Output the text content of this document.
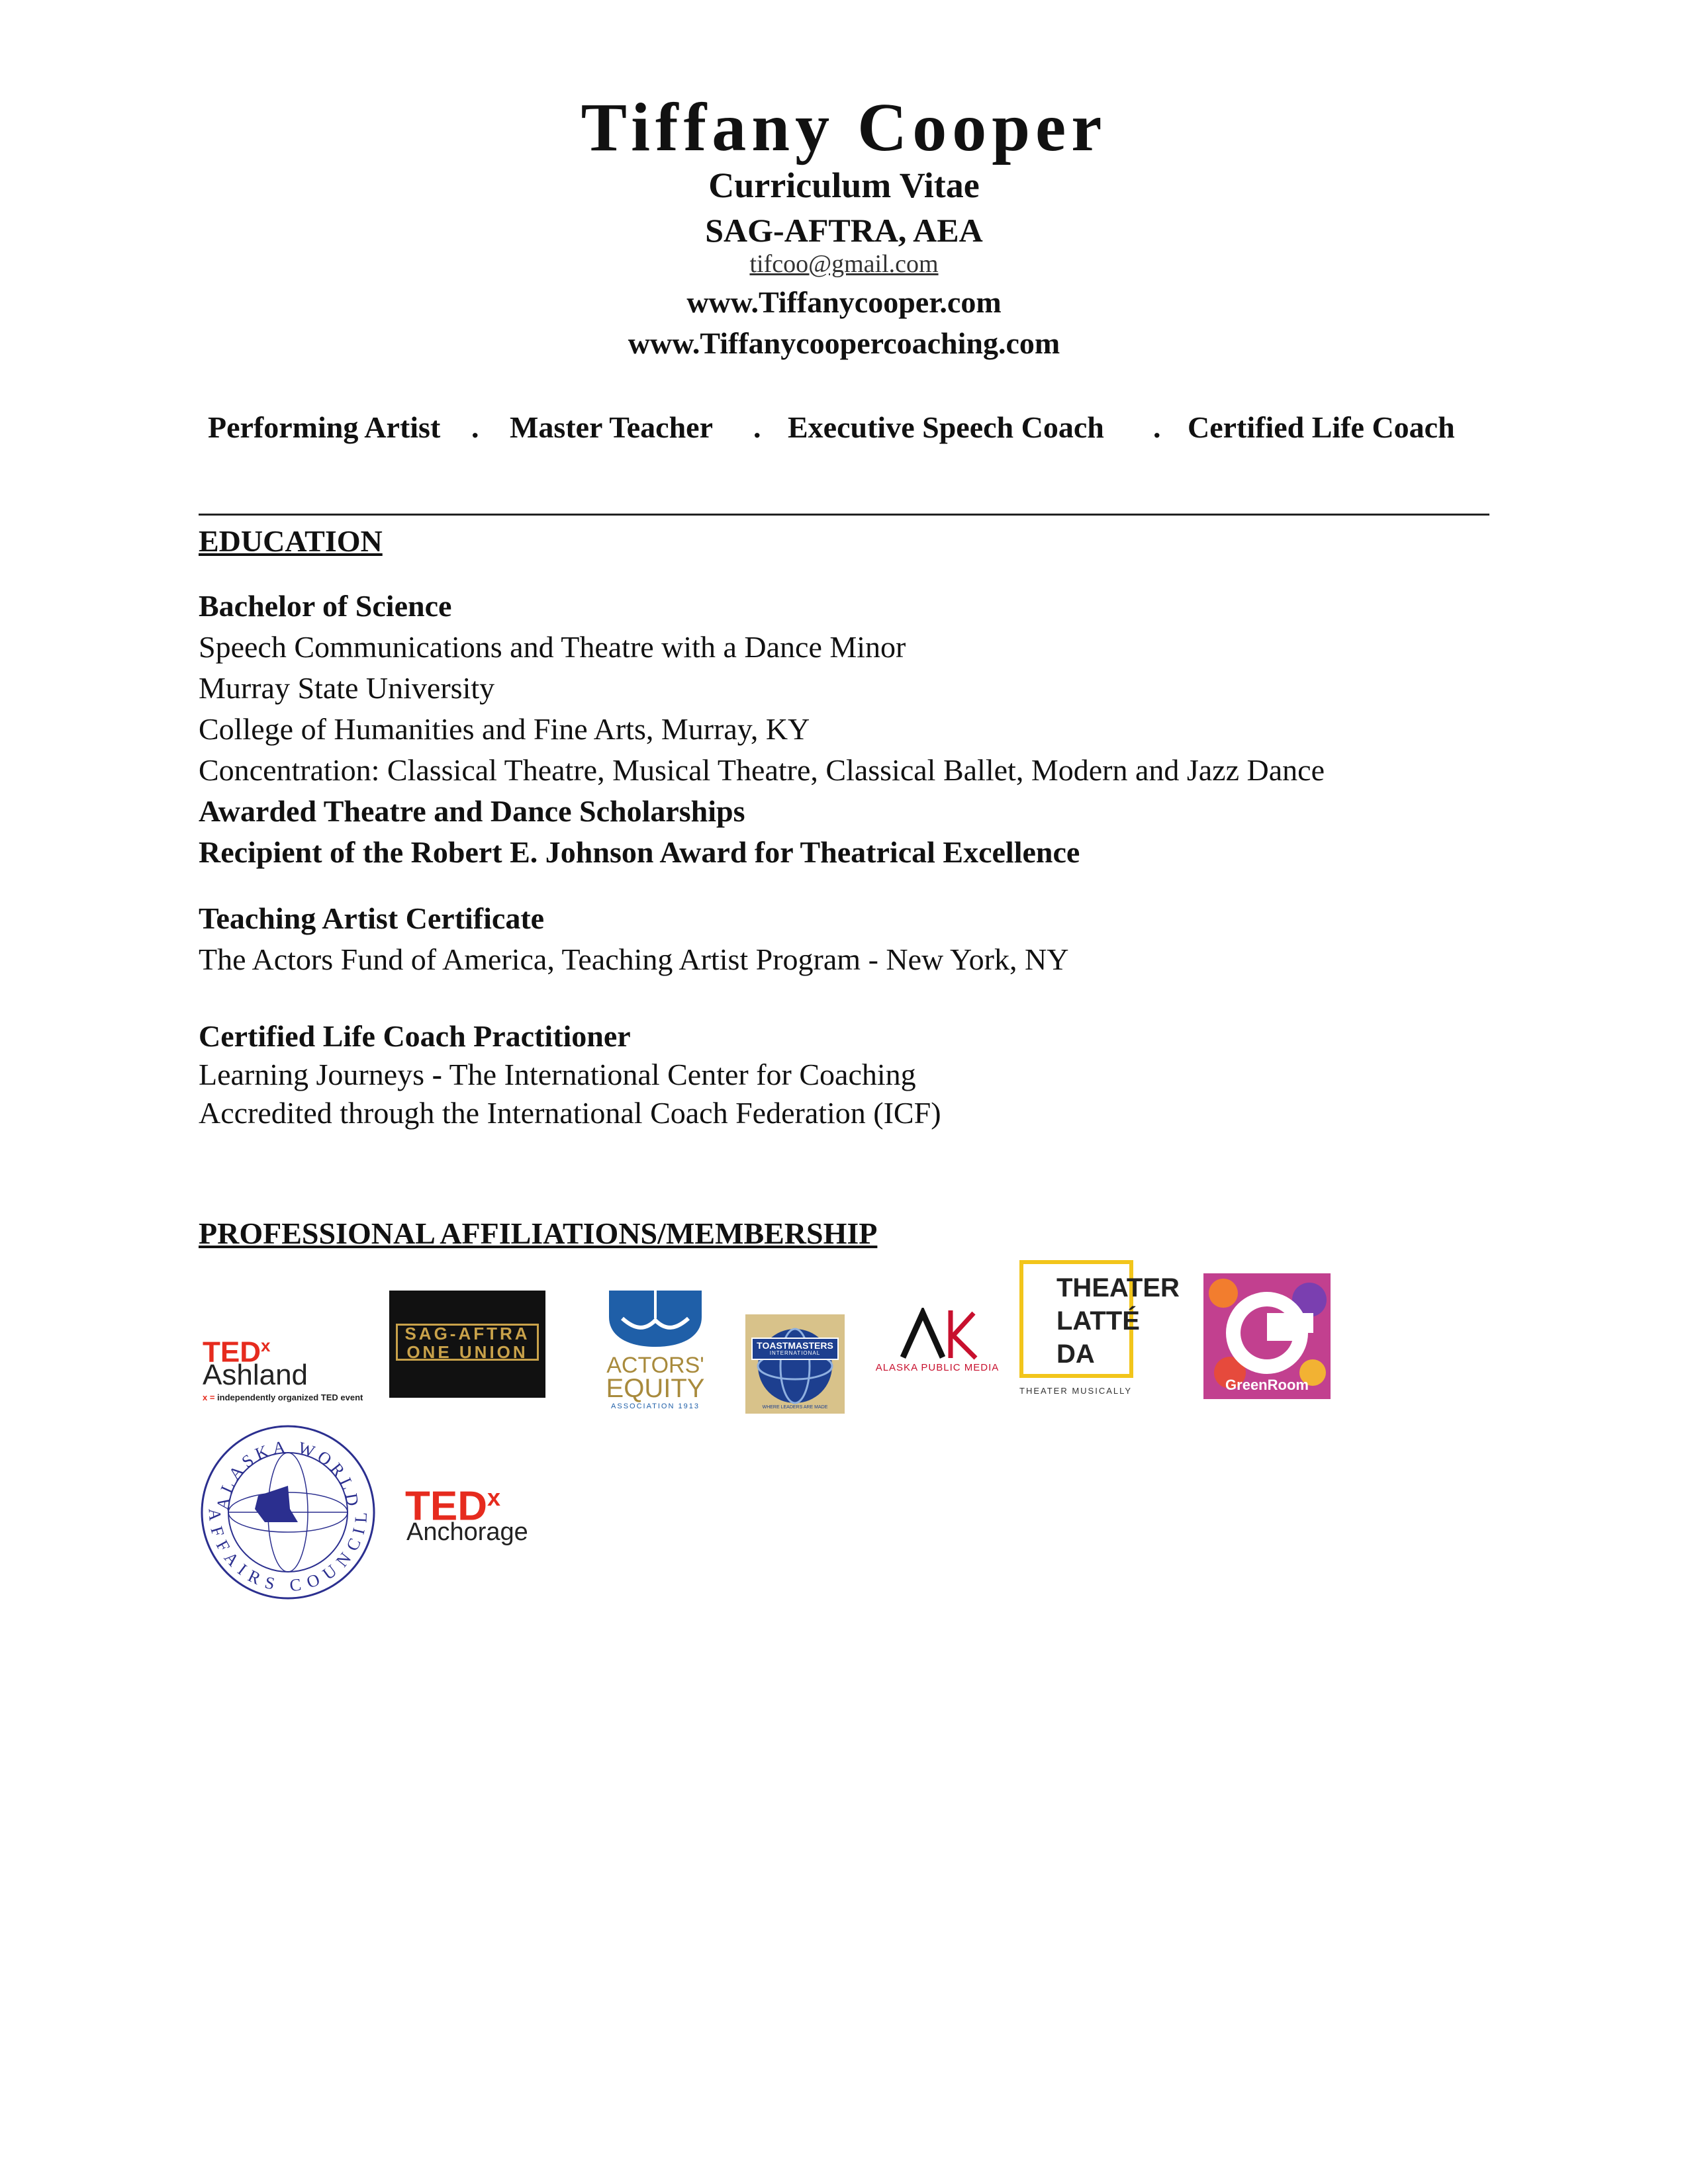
Tiffany Cooper
Curriculum Vitae
SAG-AFTRA, AEA
tifcoo@gmail.com
www.Tiffanycooper.com
www.Tiffanycoopercoaching.com
Performing Artist . Master Teacher . Executive Speech Coach . Certified Life Coach
EDUCATION
Bachelor of Science
Speech Communications and Theatre with a Dance Minor
Murray State University
College of Humanities and Fine Arts, Murray, KY
Concentration: Classical Theatre, Musical Theatre, Classical Ballet, Modern and Jazz Dance
Awarded Theatre and Dance Scholarships
Recipient of the Robert E. Johnson Award for Theatrical Excellence
Teaching Artist Certificate
The Actors Fund of America, Teaching Artist Program - New York, NY
Certified Life Coach Practitioner
Learning Journeys - The International Center for Coaching
Accredited through the International Coach Federation (ICF)
PROFESSIONAL AFFILIATIONS/MEMBERSHIP
TED$^x$
Ashland
x = independently organized TED event
SAG-AFTRA
ONE UNION
ACTORS'
EQUITY
ASSOCIATION 1913
TOASTMASTERS
INTERNATIONAL
WHERE LEADERS ARE MADE
ALASKA PUBLIC MEDIA
THEATER
LATTÉ
DA
THEATER MUSICALLY	GreenRoom
ALASKA WORLD
AFFAIRS COUNCIL TED$^x$
Anchorage
